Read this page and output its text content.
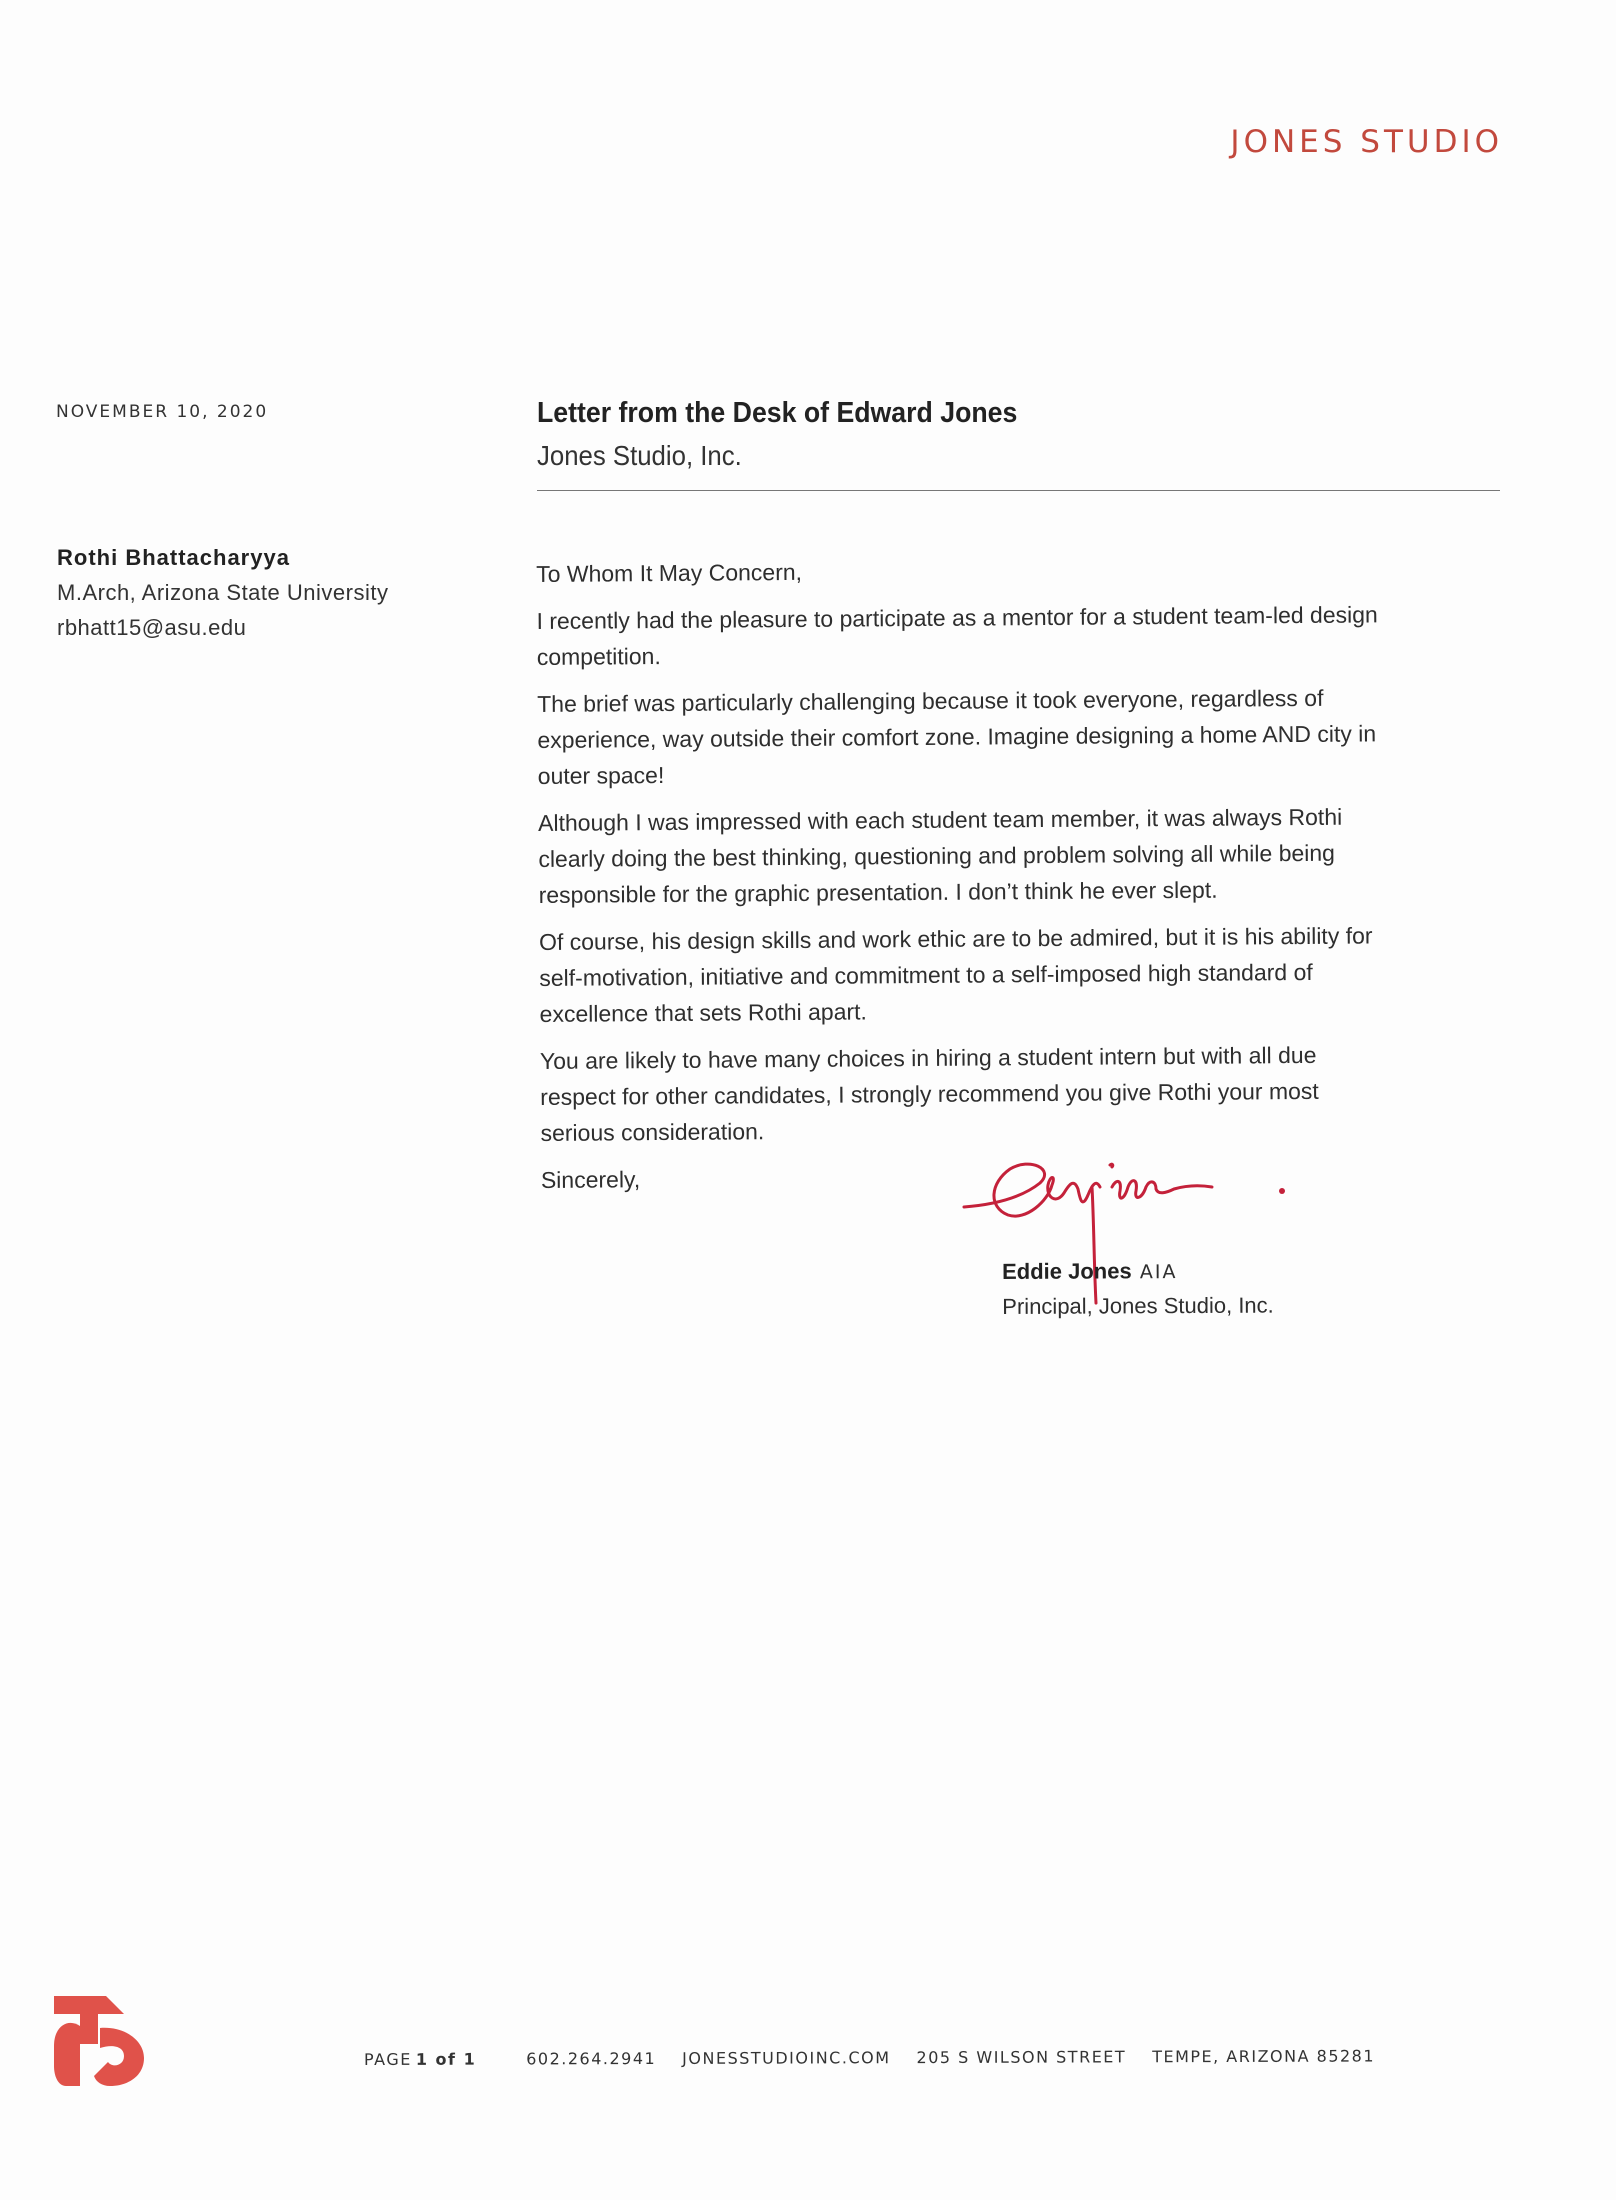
JONES STUDIO
NOVEMBER 10, 2020
Rothi Bhattacharyya
M.Arch, Arizona State University
rbhatt15@asu.edu
Letter from the Desk of Edward Jones
Jones Studio, Inc.

To Whom It May Concern,

I recently had the pleasure to participate as a mentor for a student team-led design
competition.

The brief was particularly challenging because it took everyone, regardless of
experience, way outside their comfort zone. Imagine designing a home AND city in
outer space!

Although I was impressed with each student team member, it was always Rothi
clearly doing the best thinking, questioning and problem solving all while being
responsible for the graphic presentation. I don’t think he ever slept.

Of course, his design skills and work ethic are to be admired, but it is his ability for
self-motivation, initiative and commitment to a self-imposed high standard of
excellence that sets Rothi apart.

You are likely to have many choices in hiring a student intern but with all due
respect for other candidates, I strongly recommend you give Rothi your most
serious consideration.

Sincerely,

Eddie Jones AIA
Principal, Jones Studio, Inc.
PAGE 1 of 1	602.264.2941 JONESSTUDIOINC.COM 205 S WILSON STREET TEMPE, ARIZONA 85281
